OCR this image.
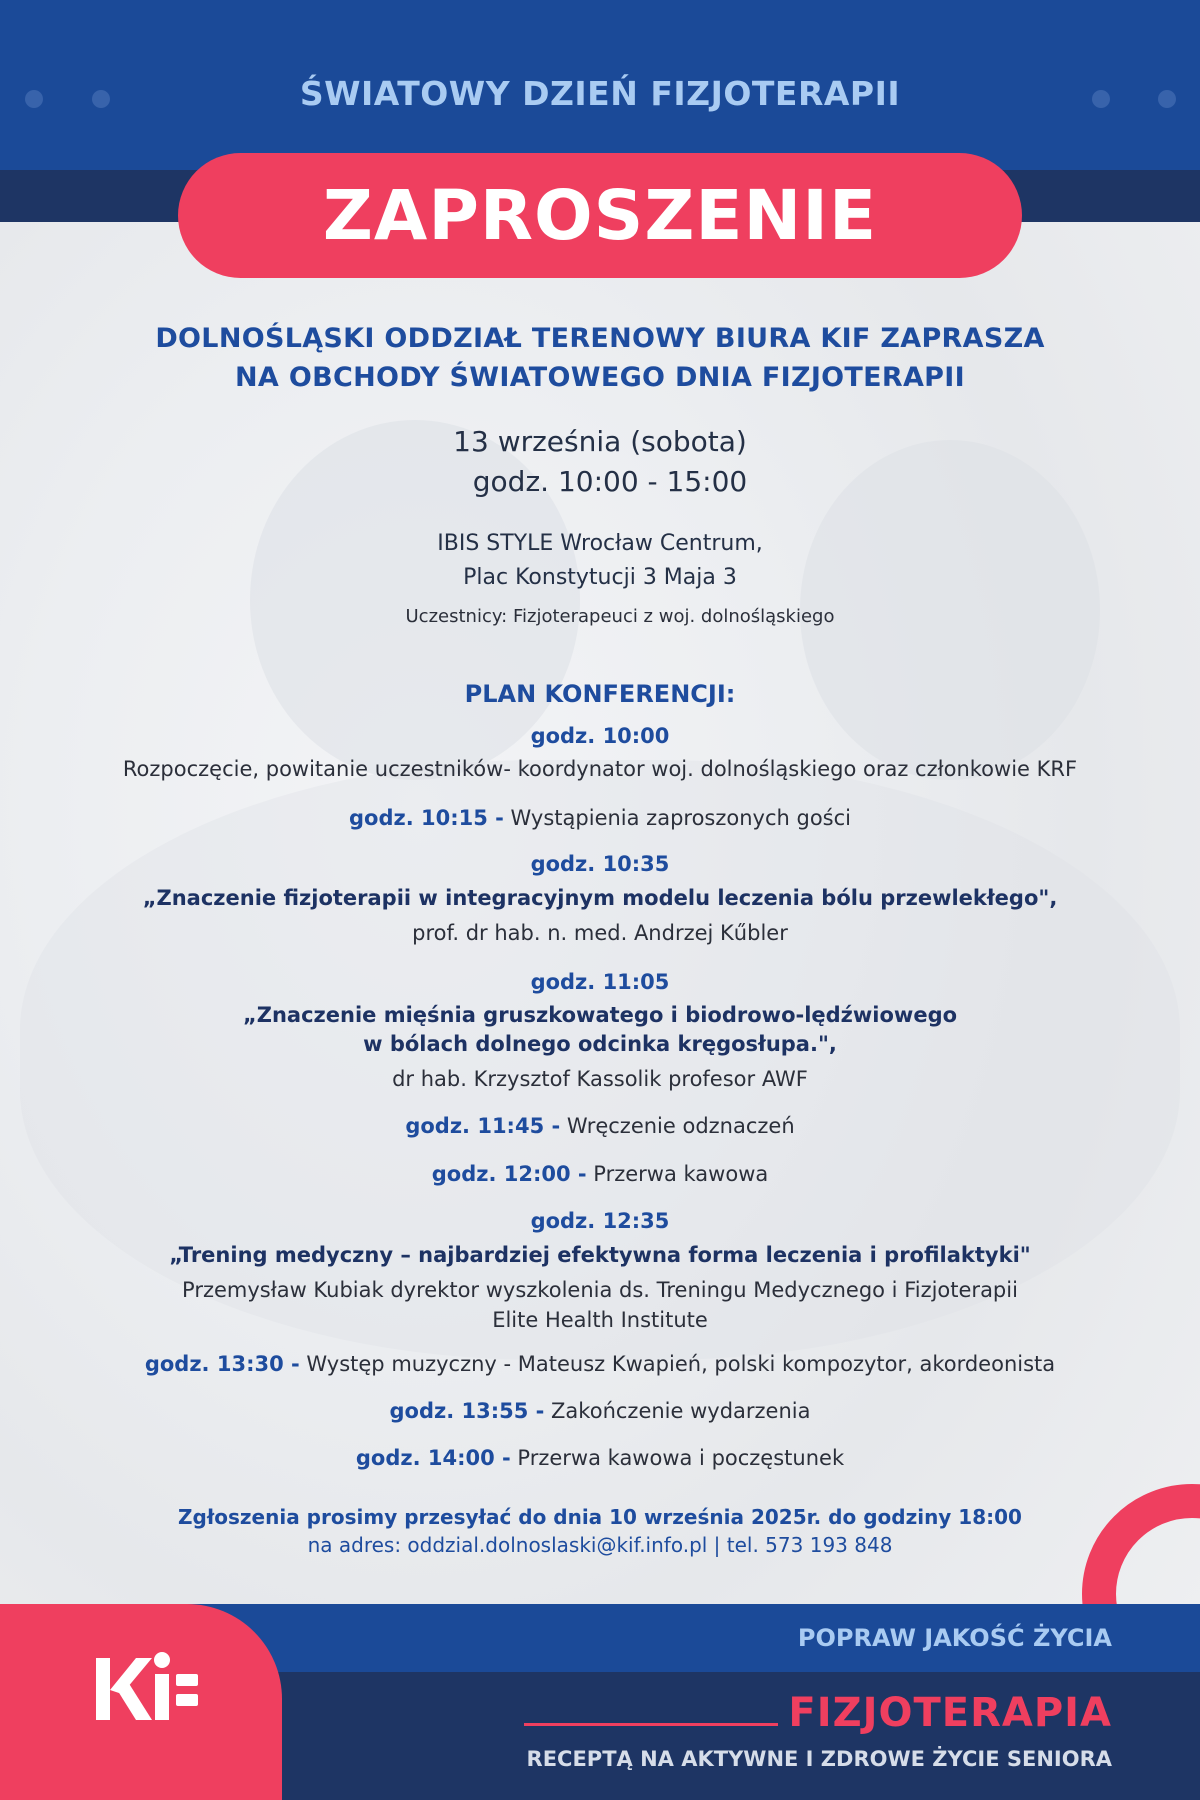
ŚWIATOWY DZIEŃ FIZJOTERAPII
ZAPROSZENIE
DOLNOŚLĄSKI ODDZIAŁ TERENOWY BIURA KIF ZAPRASZA
NA OBCHODY ŚWIATOWEGO DNIA FIZJOTERAPII
13 września (sobota)
godz. 10:00 - 15:00
IBIS STYLE Wrocław Centrum,
Plac Konstytucji 3 Maja 3
Uczestnicy: Fizjoterapeuci z woj. dolnośląskiego
PLAN KONFERENCJI:
godz. 10:00
Rozpoczęcie, powitanie uczestników- koordynator woj. dolnośląskiego oraz członkowie KRF
godz. 10:15 - Wystąpienia zaproszonych gości
godz. 10:35
„Znaczenie fizjoterapii w integracyjnym modelu leczenia bólu przewlekłego",
prof. dr hab. n. med. Andrzej Kűbler
godz. 11:05
„Znaczenie mięśnia gruszkowatego i biodrowo-lędźwiowego
w bólach dolnego odcinka kręgosłupa.",
dr hab. Krzysztof Kassolik profesor AWF
godz. 11:45 - Wręczenie odznaczeń
godz. 12:00 - Przerwa kawowa
godz. 12:35
„Trening medyczny – najbardziej efektywna forma leczenia i profilaktyki"
Przemysław Kubiak dyrektor wyszkolenia ds. Treningu Medycznego i Fizjoterapii
Elite Health Institute
godz. 13:30 - Występ muzyczny - Mateusz Kwapień, polski kompozytor, akordeonista
godz. 13:55 - Zakończenie wydarzenia
godz. 14:00 - Przerwa kawowa i poczęstunek
Zgłoszenia prosimy przesyłać do dnia 10 września 2025r. do godziny 18:00
na adres: oddzial.dolnoslaski@kif.info.pl | tel. 573 193 848
POPRAW JAKOŚĆ ŻYCIA
FIZJOTERAPIA
RECEPTĄ NA AKTYWNE I ZDROWE ŻYCIE SENIORA
